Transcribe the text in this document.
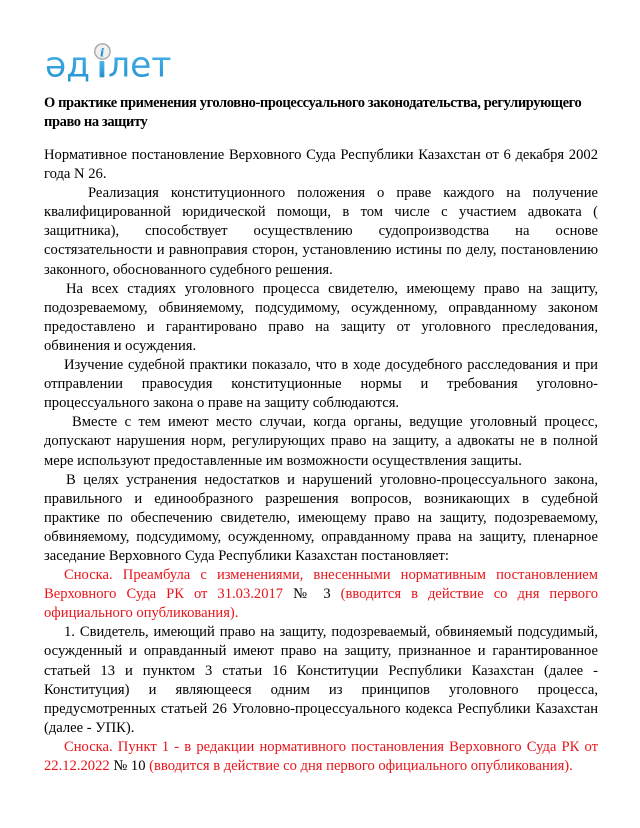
әд i лет
О практике применения уголовно-процессуального законодательства, регулирующего право на защиту

Нормативное постановление Верховного Суда Республики Казахстан от 6 декабря 2002 года N 26.

Реализация конституционного положения о праве каждого на получение квалифицированной юридической помощи, в том числе с участием адвоката ( защитника), способствует осуществлению судопроизводства на основе состязательности и равноправия сторон, установлению истины по делу, постановлению законного, обоснованного судебного решения.

На всех стадиях уголовного процесса свидетелю, имеющему право на защиту, подозреваемому, обвиняемому, подсудимому, осужденному, оправданному законом предоставлено и гарантировано право на защиту от уголовного преследования, обвинения и осуждения.

Изучение судебной практики показало, что в ходе досудебного расследования и при отправлении правосудия конституционные нормы и требования уголовно-процессуального закона о праве на защиту соблюдаются.

Вместе с тем имеют место случаи, когда органы, ведущие уголовный процесс, допускают нарушения норм, регулирующих право на защиту, а адвокаты не в полной мере используют предоставленные им возможности осуществления защиты.

В целях устранения недостатков и нарушений уголовно-процессуального закона, правильного и единообразного разрешения вопросов, возникающих в судебной практике по обеспечению свидетелю, имеющему право на защиту, подозреваемому, обвиняемому, подсудимому, осужденному, оправданному права на защиту, пленарное заседание Верховного Суда Республики Казахстан постановляет:

Сноска. Преамбула с изменениями, внесенными нормативным постановлением Верховного Суда РК от 31.03.2017 № 3 (вводится в действие со дня первого официального опубликования).

1. Свидетель, имеющий право на защиту, подозреваемый, обвиняемый подсудимый, осужденный и оправданный имеют право на защиту, признанное и гарантированное статьей 13 и пунктом 3 статьи 16 Конституции Республики Казахстан (далее - Конституция) и являющееся одним из принципов уголовного процесса, предусмотренных статьей 26 Уголовно-процессуального кодекса Республики Казахстан (далее - УПК).

Сноска. Пункт 1 - в редакции нормативного постановления Верховного Суда РК от 22.12.2022 № 10 (вводится в действие со дня первого официального опубликования).
